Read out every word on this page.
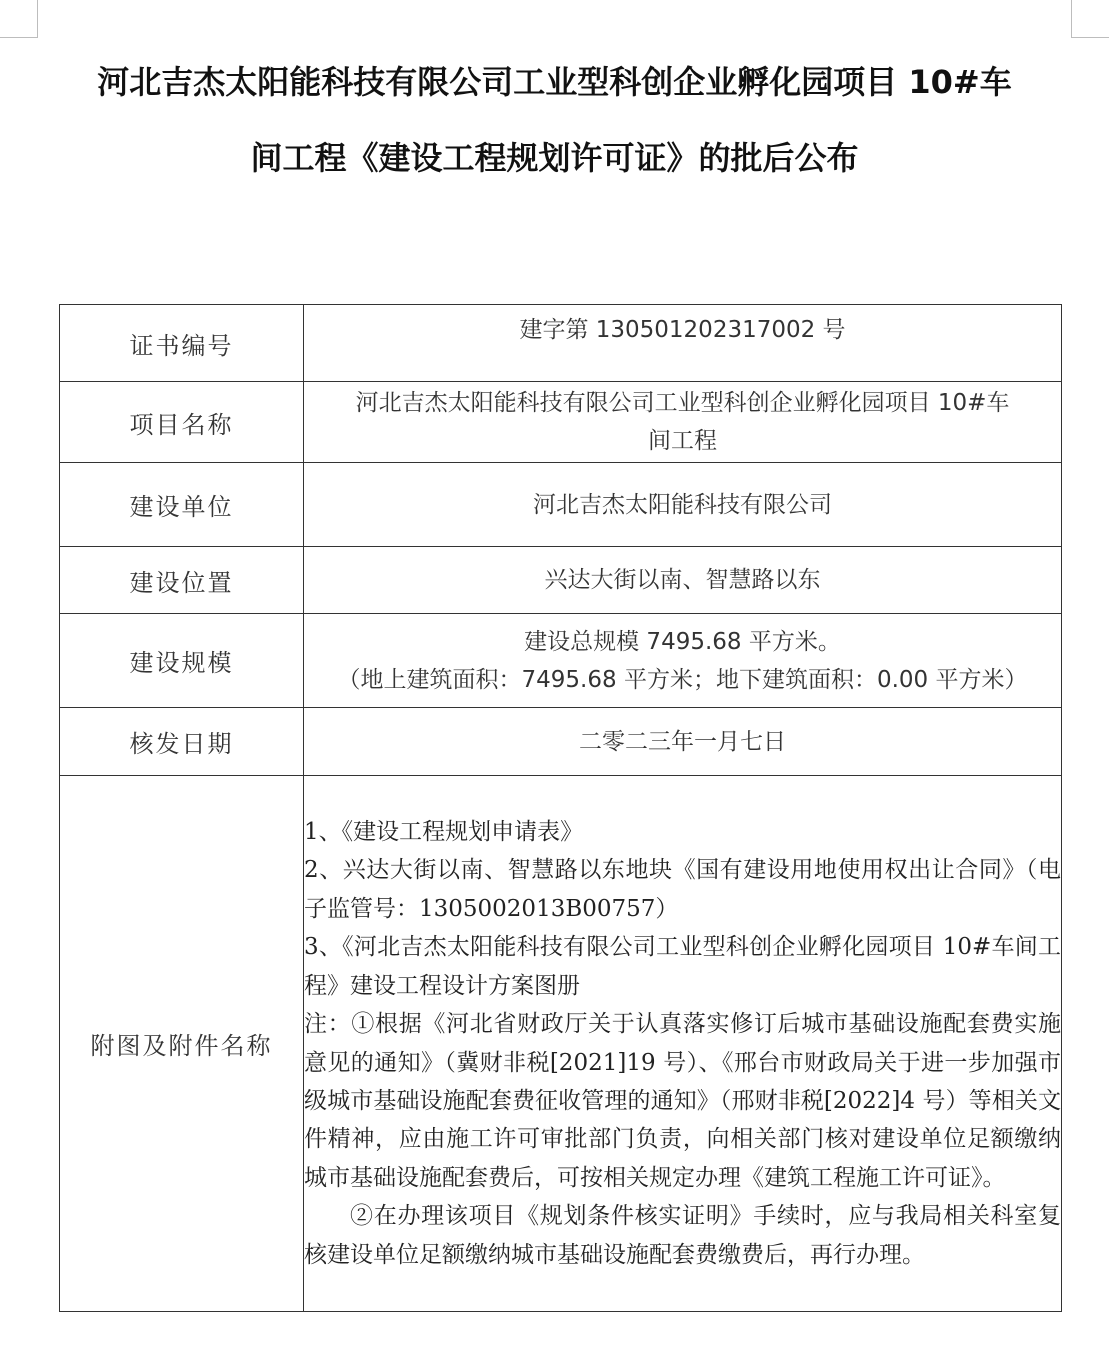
河北吉杰太阳能科技有限公司工业型科创企业孵化园项目 10#车
间工程《建设工程规划许可证》的批后公布
证书编号	建字第 130501202317002 号

项目名称	河北吉杰太阳能科技有限公司工业型科创企业孵化园项目 10#车
间工程

建设单位	河北吉杰太阳能科技有限公司

建设位置	兴达大街以南、智慧路以东

建设规模	建设总规模 7495.68 平方米。
（地上建筑面积：7495.68 平方米；地下建筑面积：0.00 平方米）

核发日期	二零二三年一月七日

附图及附件名称	1、《建设工程规划申请表》
2、兴达大街以南、智慧路以东地块《国有建设用地使用权出让合同》（电子监管号：1305002013B00757）
3、《河北吉杰太阳能科技有限公司工业型科创企业孵化园项目 10#车间工程》建设工程设计方案图册
注：①根据《河北省财政厅关于认真落实修订后城市基础设施配套费实施意见的通知》（冀财非税[2021]19 号）、《邢台市财政局关于进一步加强市级城市基础设施配套费征收管理的通知》（邢财非税[2022]4 号）等相关文件精神，应由施工许可审批部门负责，向相关部门核对建设单位足额缴纳城市基础设施配套费后，可按相关规定办理《建筑工程施工许可证》。
②在办理该项目《规划条件核实证明》手续时，应与我局相关科室复核建设单位足额缴纳城市基础设施配套费缴费后，再行办理。
